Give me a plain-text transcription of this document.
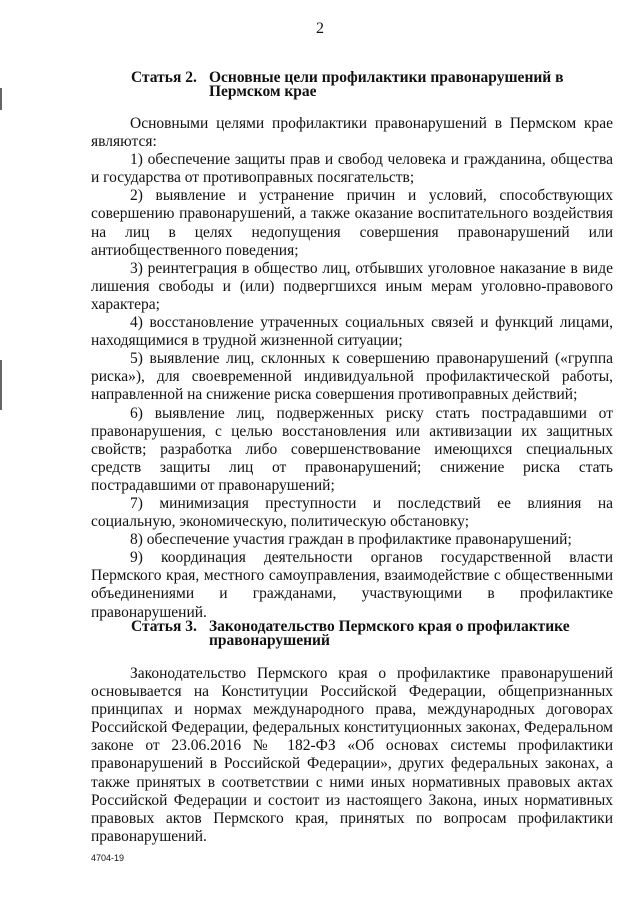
2
Статья 2. Основные цели профилактики правонарушений в Пермском крае

Основными целями профилактики правонарушений в Пермском крае являются:

1) обеспечение защиты прав и свобод человека и гражданина, общества и государства от противоправных посягательств;

2) выявление и устранение причин и условий, способствующих совершению правонарушений, а также оказание воспитательного воздействия на лиц в целях недопущения совершения правонарушений или антиобщественного поведения;

3) реинтеграция в общество лиц, отбывших уголовное наказание в виде лишения свободы и (или) подвергшихся иным мерам уголовно-правового характера;

4) восстановление утраченных социальных связей и функций лицами, находящимися в трудной жизненной ситуации;

5) выявление лиц, склонных к совершению правонарушений («группа риска»), для своевременной индивидуальной профилактической работы, направленной на снижение риска совершения противоправных действий;

6) выявление лиц, подверженных риску стать пострадавшими от правонарушения, с целью восстановления или активизации их защитных свойств; разработка либо совершенствование имеющихся специальных средств защиты лиц от правонарушений; снижение риска стать пострадавшими от правонарушений;

7) минимизация преступности и последствий ее влияния на социальную, экономическую, политическую обстановку;

8) обеспечение участия граждан в профилактике правонарушений;

9) координация деятельности органов государственной власти Пермского края, местного самоуправления, взаимодействие с общественными объединениями и гражданами, участвующими в профилактике правонарушений.

Статья 3. Законодательство Пермского края о профилактике правонарушений

Законодательство Пермского края о профилактике правонарушений основывается на Конституции Российской Федерации, общепризнанных принципах и нормах международного права, международных договорах Российской Федерации, федеральных конституционных законах, Федеральном законе от 23.06.2016 № 182-ФЗ «Об основах системы профилактики правонарушений в Российской Федерации», других федеральных законах, а также принятых в соответствии с ними иных нормативных правовых актах Российской Федерации и состоит из настоящего Закона, иных нормативных правовых актов Пермского края, принятых по вопросам профилактики правонарушений.

4704-19
